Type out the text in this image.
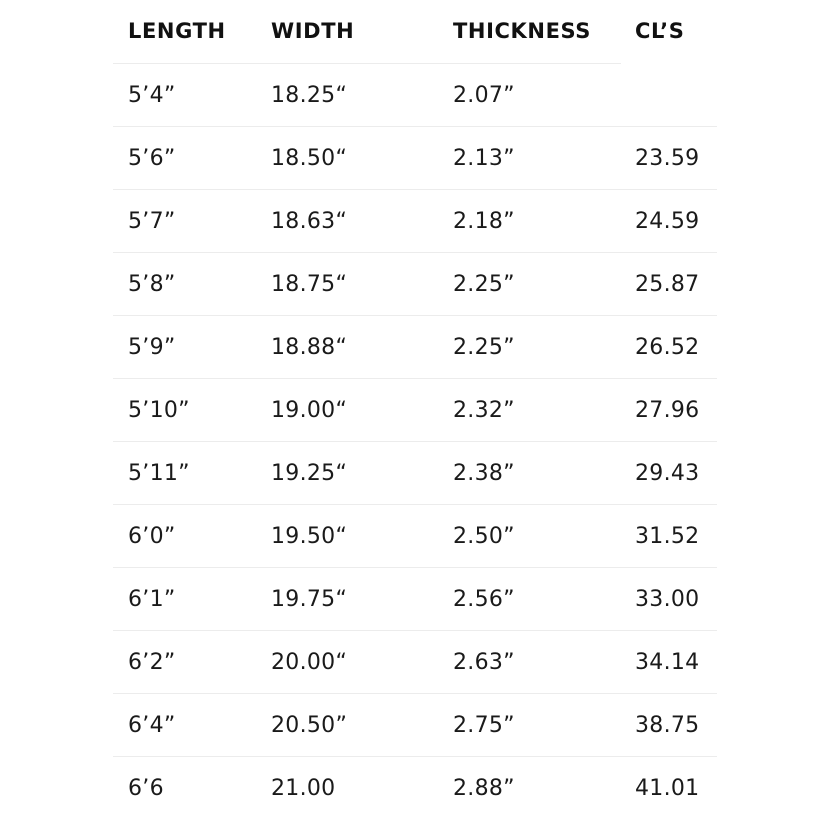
LENGTH	WIDTH	THICKNESS	CL’S
5’4”	18.25“	2.07”
5’6”	18.50“	2.13”	23.59
5’7”	18.63“	2.18”	24.59
5’8”	18.75“	2.25”	25.87
5’9”	18.88“	2.25”	26.52
5’10”	19.00“	2.32”	27.96
5’11”	19.25“	2.38”	29.43
6’0”	19.50“	2.50”	31.52
6’1”	19.75“	2.56”	33.00
6’2”	20.00“	2.63”	34.14
6’4”	20.50”	2.75”	38.75
6’6	21.00	2.88”	41.01
